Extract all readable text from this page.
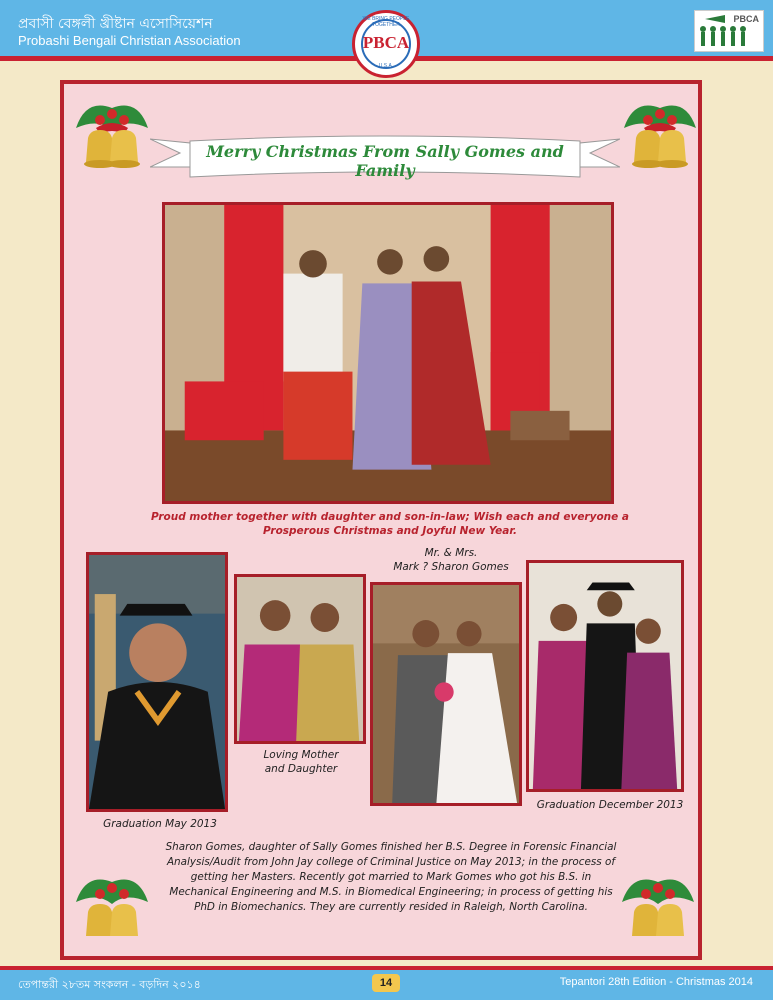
প্রবাসী বেঙ্গলী খ্রীষ্টান এসোসিয়েশন
Probashi Bengali Christian Association
WE BRING PEOPLE TOGETHER
PBCA
U.S.A.
PBCA
Merry Christmas From Sally Gomes and Family
Proud mother together with daughter and son-in-law; Wish each and everyone a Prosperous Christmas and Joyful New Year.
Graduation May 2013
Loving Mother
and Daughter
Mr. & Mrs.
Mark ? Sharon Gomes
Graduation December 2013
Sharon Gomes, daughter of Sally Gomes finished her B.S. Degree in Forensic Financial Analysis/Audit from John Jay college of Criminal Justice on May 2013; in the process of getting her Masters. Recently got married to Mark Gomes who got his B.S. in Mechanical Engineering and M.S. in Biomedical Engineering; in process of getting his PhD in Biomechanics. They are currently resided in Raleigh, North Carolina.
তেপান্তরী ২৮তম সংকলন - বড়দিন ২০১৪	14	Tepantori 28th Edition - Christmas 2014
